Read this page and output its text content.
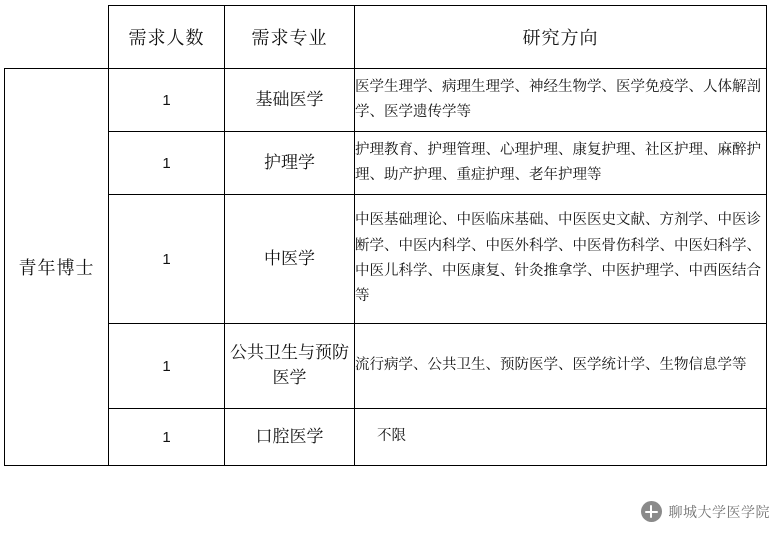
	需求人数	需求专业	研究方向
青年博士	1	基础医学	医学生理学、病理生理学、神经生物学、医学免疫学、人体解剖学、医学遗传学等
	1	护理学	护理教育、护理管理、心理护理、康复护理、社区护理、麻醉护理、助产护理、重症护理、老年护理等
	1	中医学	中医基础理论、中医临床基础、中医医史文献、方剂学、中医诊断学、中医内科学、中医外科学、中医骨伤科学、中医妇科学、中医儿科学、中医康复、针灸推拿学、中医护理学、中西医结合等
	1	公共卫生与预防医学	流行病学、公共卫生、预防医学、医学统计学、生物信息学等
	1	口腔医学	不限
聊城大学医学院
